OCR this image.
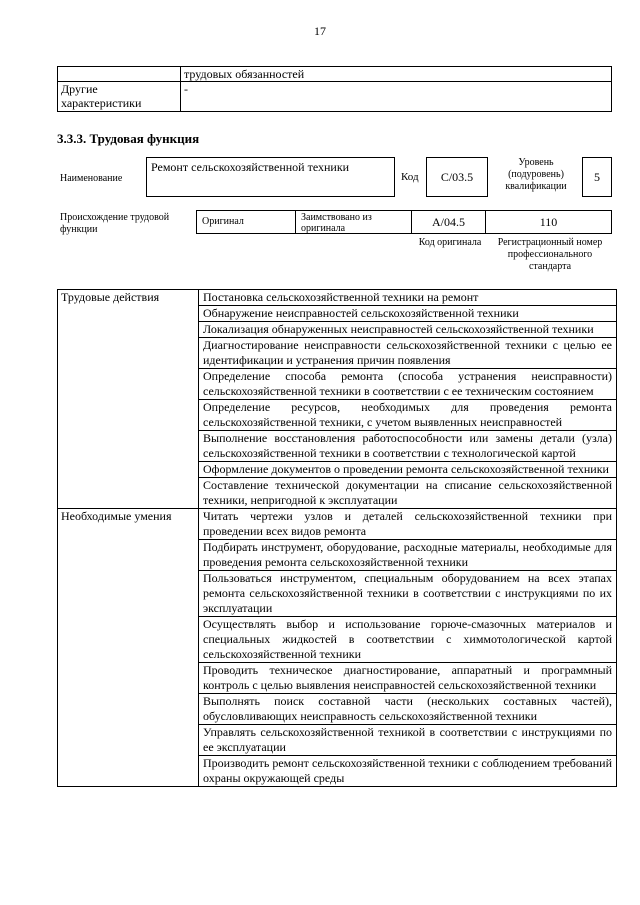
17
	трудовых обязанностей
Другие характеристики	-
3.3.3. Трудовая функция
Наименование
Ремонт сельскохозяйственной техники
Код	C/03.5
Уровень (подуровень) квалификации
5
Происхождение трудовой функции
Оригинал	Заимствовано из оригинала	A/04.5	110
Код оригинала	Регистрационный номер профессионального стандарта
Трудовые действия	Постановка сельскохозяйственной техники на ремонт
	Обнаружение неисправностей сельскохозяйственной техники
	Локализация обнаруженных неисправностей сельскохозяйственной техники
	Диагностирование неисправности сельскохозяйственной техники с целью ее идентификации и устранения причин появления
	Определение способа ремонта (способа устранения неисправности) сельскохозяйственной техники в соответствии с ее техническим состоянием
	Определение ресурсов, необходимых для проведения ремонта сельскохозяйственной техники, с учетом выявленных неисправностей
	Выполнение восстановления работоспособности или замены детали (узла) сельскохозяйственной техники в соответствии с технологической картой
	Оформление документов о проведении ремонта сельскохозяйственной техники
	Составление технической документации на списание сельскохозяйственной техники, непригодной к эксплуатации
Необходимые умения	Читать чертежи узлов и деталей сельскохозяйственной техники при проведении всех видов ремонта
	Подбирать инструмент, оборудование, расходные материалы, необходимые для проведения ремонта сельскохозяйственной техники
	Пользоваться инструментом, специальным оборудованием на всех этапах ремонта сельскохозяйственной техники в соответствии с инструкциями по их эксплуатации
	Осуществлять выбор и использование горюче-смазочных материалов и специальных жидкостей в соответствии с химмотологической картой сельскохозяйственной техники
	Проводить техническое диагностирование, аппаратный и программный контроль с целью выявления неисправностей сельскохозяйственной техники
	Выполнять поиск составной части (нескольких составных частей), обусловливающих неисправность сельскохозяйственной техники
	Управлять сельскохозяйственной техникой в соответствии с инструкциями по ее эксплуатации
	Производить ремонт сельскохозяйственной техники с соблюдением требований охраны окружающей среды
